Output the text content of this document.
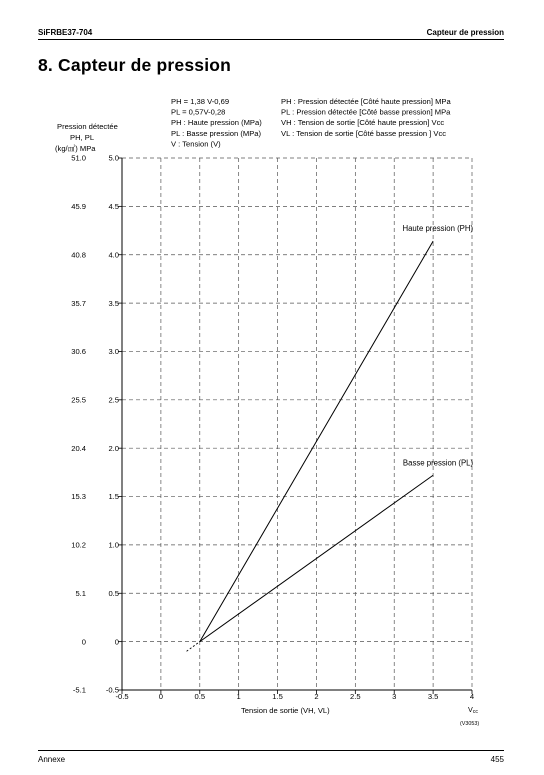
SiFRBE37-704	Capteur de pression
8. Capteur de pression
PH = 1,38 V-0,69
PL = 0,57V-0,28
PH : Haute pression (MPa)
PL : Basse pression (MPa)
V : Tension (V)
PH : Pression détectée [Côté haute pression] MPa
PL : Pression détectée [Côté basse pression] MPa
VH : Tension de sortie [Côté haute pression] Vcc
VL : Tension de sortie [Côté basse pression ] Vcc
-0.5
-5.1
0
0
0.5
5.1
1.0
10.2
1.5
15.3
2.0
20.4
2.5
25.5
3.0
30.6
3.5
35.7
4.0
40.8
4.5
45.9
5.0
51.0
-0.5	0	0.5	1	1.5	2	2.5	3	3.5	4
Pression détectée
PH, PL
(kg/㎠) MPa
Haute pression (PH)
Basse pression (PL)
Tension de sortie (VH, VL)	Vcc
(V3053)
Annexe	455
